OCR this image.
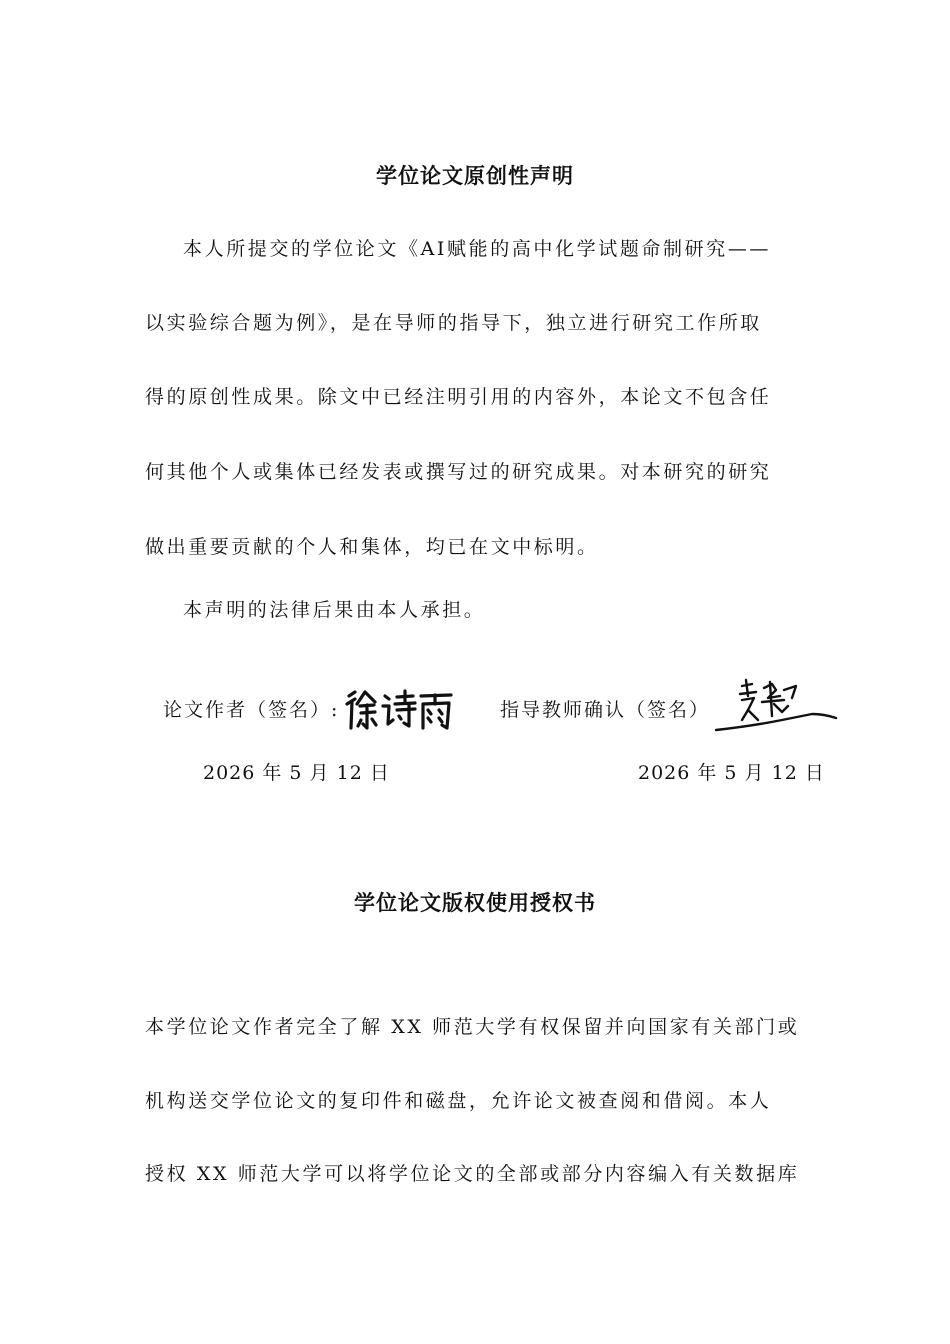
学位论文原创性声明
本人所提交的学位论文《AI赋能的高中化学试题命制研究——
以实验综合题为例》，是在导师的指导下，独立进行研究工作所取
得的原创性成果。除文中已经注明引用的内容外，本论文不包含任
何其他个人或集体已经发表或撰写过的研究成果。对本研究的研究
做出重要贡献的个人和集体，均已在文中标明。
本声明的法律后果由本人承担。
论文作者（签名）:	指导教师确认（签名）
2026 年 5 月 12 日	2026 年 5 月 12 日
学位论文版权使用授权书
本学位论文作者完全了解 XX 师范大学有权保留并向国家有关部门或
机构送交学位论文的复印件和磁盘，允许论文被查阅和借阅。本人
授权 XX 师范大学可以将学位论文的全部或部分内容编入有关数据库
